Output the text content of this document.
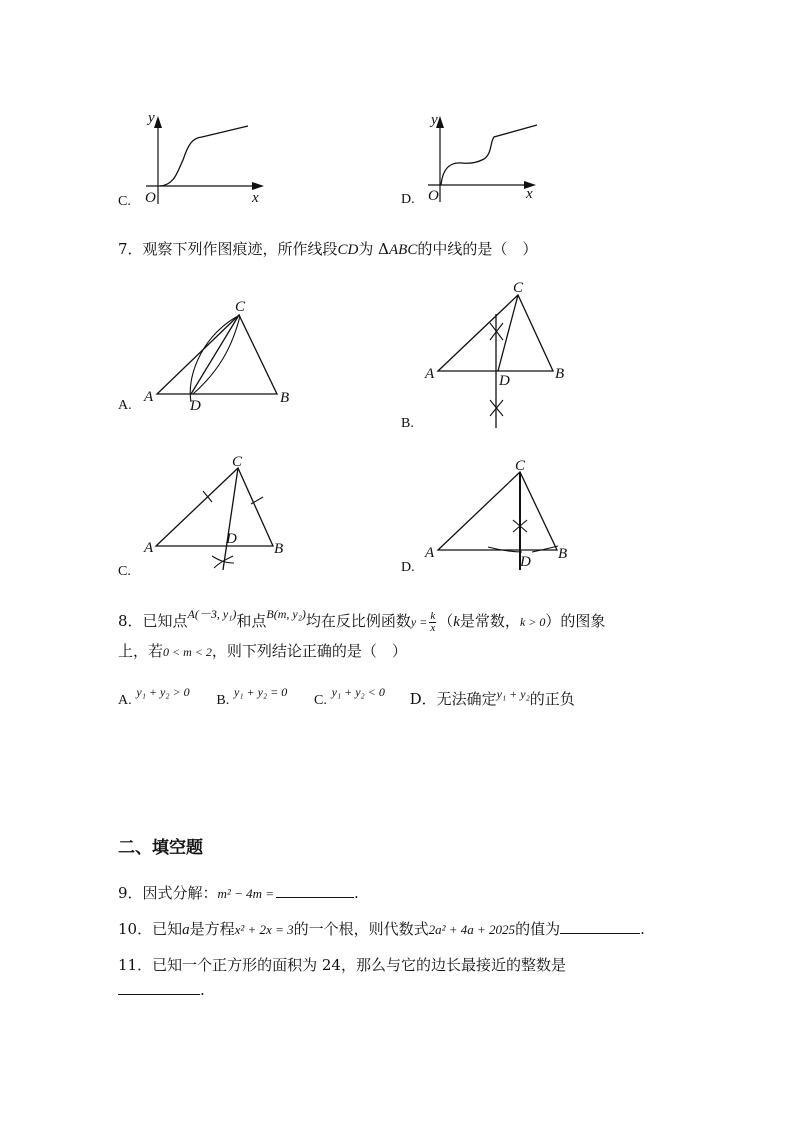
C.
y
x
O	D.
y
x
O
7．观察下列作图痕迹，所作线段CD为 ΔABC的中线的是（　）
A.
A	B
C
D
B.
A	B
C
D
C.
A	B
C
D
D.
A	B
C
D
8．已知点$^{A(-3, y_1)}$和点$^{B(m, y_2)}$均在反比例函数$y = \frac{k}{x} (k$是常数，k > 0）的图象
上，若0 < m < 2，则下列结论正确的是（　）
A. $^{y_1 + y_2 > 0}$ B. $^{y_1 + y_2 = 0}$ C. $^{y_1 + y_2 < 0}$ D．无法确定$^{y_1 + y_2}$的正负
二、填空题
9．因式分解：m² − 4m =	.
10．已知a是方程x² + 2x = 3的一个根，则代数式2a² + 4a + 2025的值为	.
11．已知一个正方形的面积为 24，那么与它的边长最接近的整数是
.
